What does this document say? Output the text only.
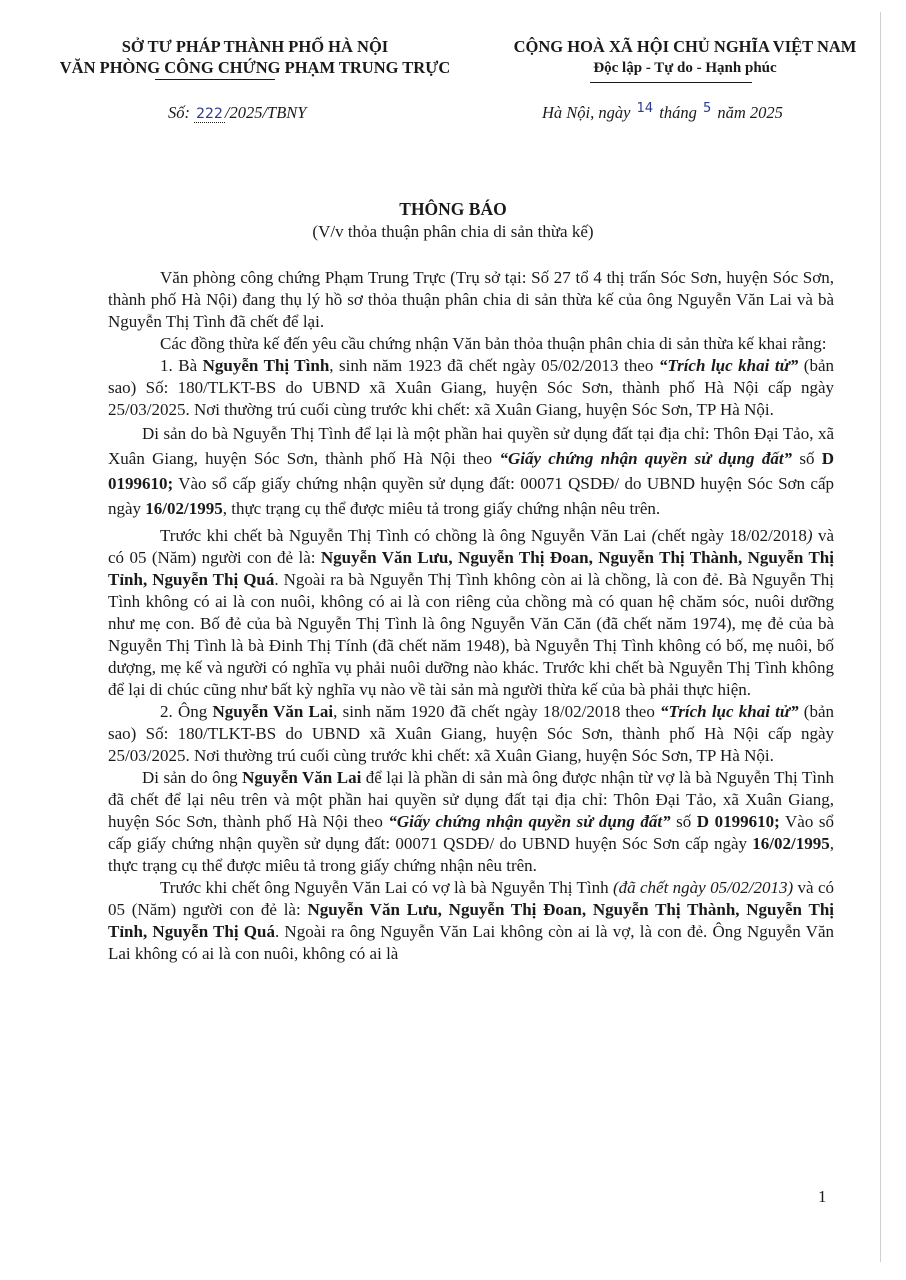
SỞ TƯ PHÁP THÀNH PHỐ HÀ NỘI
VĂN PHÒNG CÔNG CHỨNG PHẠM TRUNG TRỰC
CỘNG HOÀ XÃ HỘI CHỦ NGHĨA VIỆT NAM
Độc lập - Tự do - Hạnh phúc
Số: 222 /2025/TBNY	Hà Nội, ngày $^{14}$ tháng $^5$ năm 2025
THÔNG BÁO
(V/v thỏa thuận phân chia di sản thừa kế)

Văn phòng công chứng Phạm Trung Trực (Trụ sở tại: Số 27 tổ 4 thị trấn Sóc Sơn, huyện Sóc Sơn, thành phố Hà Nội) đang thụ lý hồ sơ thỏa thuận phân chia di sản thừa kế của ông Nguyễn Văn Lai và bà Nguyễn Thị Tình đã chết để lại.

Các đồng thừa kế đến yêu cầu chứng nhận Văn bản thỏa thuận phân chia di sản thừa kế khai rằng:

1. Bà Nguyễn Thị Tình, sinh năm 1923 đã chết ngày 05/02/2013 theo “Trích lục khai tử” (bản sao) Số: 180/TLKT-BS do UBND xã Xuân Giang, huyện Sóc Sơn, thành phố Hà Nội cấp ngày 25/03/2025. Nơi thường trú cuối cùng trước khi chết: xã Xuân Giang, huyện Sóc Sơn, TP Hà Nội.

Di sản do bà Nguyễn Thị Tình để lại là một phần hai quyền sử dụng đất tại địa chỉ: Thôn Đại Tảo, xã Xuân Giang, huyện Sóc Sơn, thành phố Hà Nội theo “Giấy chứng nhận quyền sử dụng đất” số D 0199610; Vào sổ cấp giấy chứng nhận quyền sử dụng đất: 00071 QSDĐ/ do UBND huyện Sóc Sơn cấp ngày 16/02/1995, thực trạng cụ thể được miêu tả trong giấy chứng nhận nêu trên.

Trước khi chết bà Nguyễn Thị Tình có chồng là ông Nguyễn Văn Lai (chết ngày 18/02/2018) và có 05 (Năm) người con đẻ là: Nguyễn Văn Lưu, Nguyễn Thị Đoan, Nguyễn Thị Thành, Nguyễn Thị Tỉnh, Nguyễn Thị Quá. Ngoài ra bà Nguyễn Thị Tình không còn ai là chồng, là con đẻ. Bà Nguyễn Thị Tình không có ai là con nuôi, không có ai là con riêng của chồng mà có quan hệ chăm sóc, nuôi dưỡng như mẹ con. Bố đẻ của bà Nguyễn Thị Tình là ông Nguyễn Văn Căn (đã chết năm 1974), mẹ đẻ của bà Nguyễn Thị Tình là bà Đinh Thị Tính (đã chết năm 1948), bà Nguyễn Thị Tình không có bố, mẹ nuôi, bố dượng, mẹ kế và người có nghĩa vụ phải nuôi dưỡng nào khác. Trước khi chết bà Nguyễn Thị Tình không để lại di chúc cũng như bất kỳ nghĩa vụ nào về tài sản mà người thừa kế của bà phải thực hiện.

2. Ông Nguyễn Văn Lai, sinh năm 1920 đã chết ngày 18/02/2018 theo “Trích lục khai tử” (bản sao) Số: 180/TLKT-BS do UBND xã Xuân Giang, huyện Sóc Sơn, thành phố Hà Nội cấp ngày 25/03/2025. Nơi thường trú cuối cùng trước khi chết: xã Xuân Giang, huyện Sóc Sơn, TP Hà Nội.

Di sản do ông Nguyễn Văn Lai để lại là phần di sản mà ông được nhận từ vợ là bà Nguyễn Thị Tình đã chết để lại nêu trên và một phần hai quyền sử dụng đất tại địa chỉ: Thôn Đại Tảo, xã Xuân Giang, huyện Sóc Sơn, thành phố Hà Nội theo “Giấy chứng nhận quyền sử dụng đất” số D 0199610; Vào sổ cấp giấy chứng nhận quyền sử dụng đất: 00071 QSDĐ/ do UBND huyện Sóc Sơn cấp ngày 16/02/1995, thực trạng cụ thể được miêu tả trong giấy chứng nhận nêu trên.

Trước khi chết ông Nguyễn Văn Lai có vợ là bà Nguyễn Thị Tình (đã chết ngày 05/02/2013) và có 05 (Năm) người con đẻ là: Nguyễn Văn Lưu, Nguyễn Thị Đoan, Nguyễn Thị Thành, Nguyễn Thị Tỉnh, Nguyễn Thị Quá. Ngoài ra ông Nguyễn Văn Lai không còn ai là vợ, là con đẻ. Ông Nguyễn Văn Lai không có ai là con nuôi, không có ai là

1
